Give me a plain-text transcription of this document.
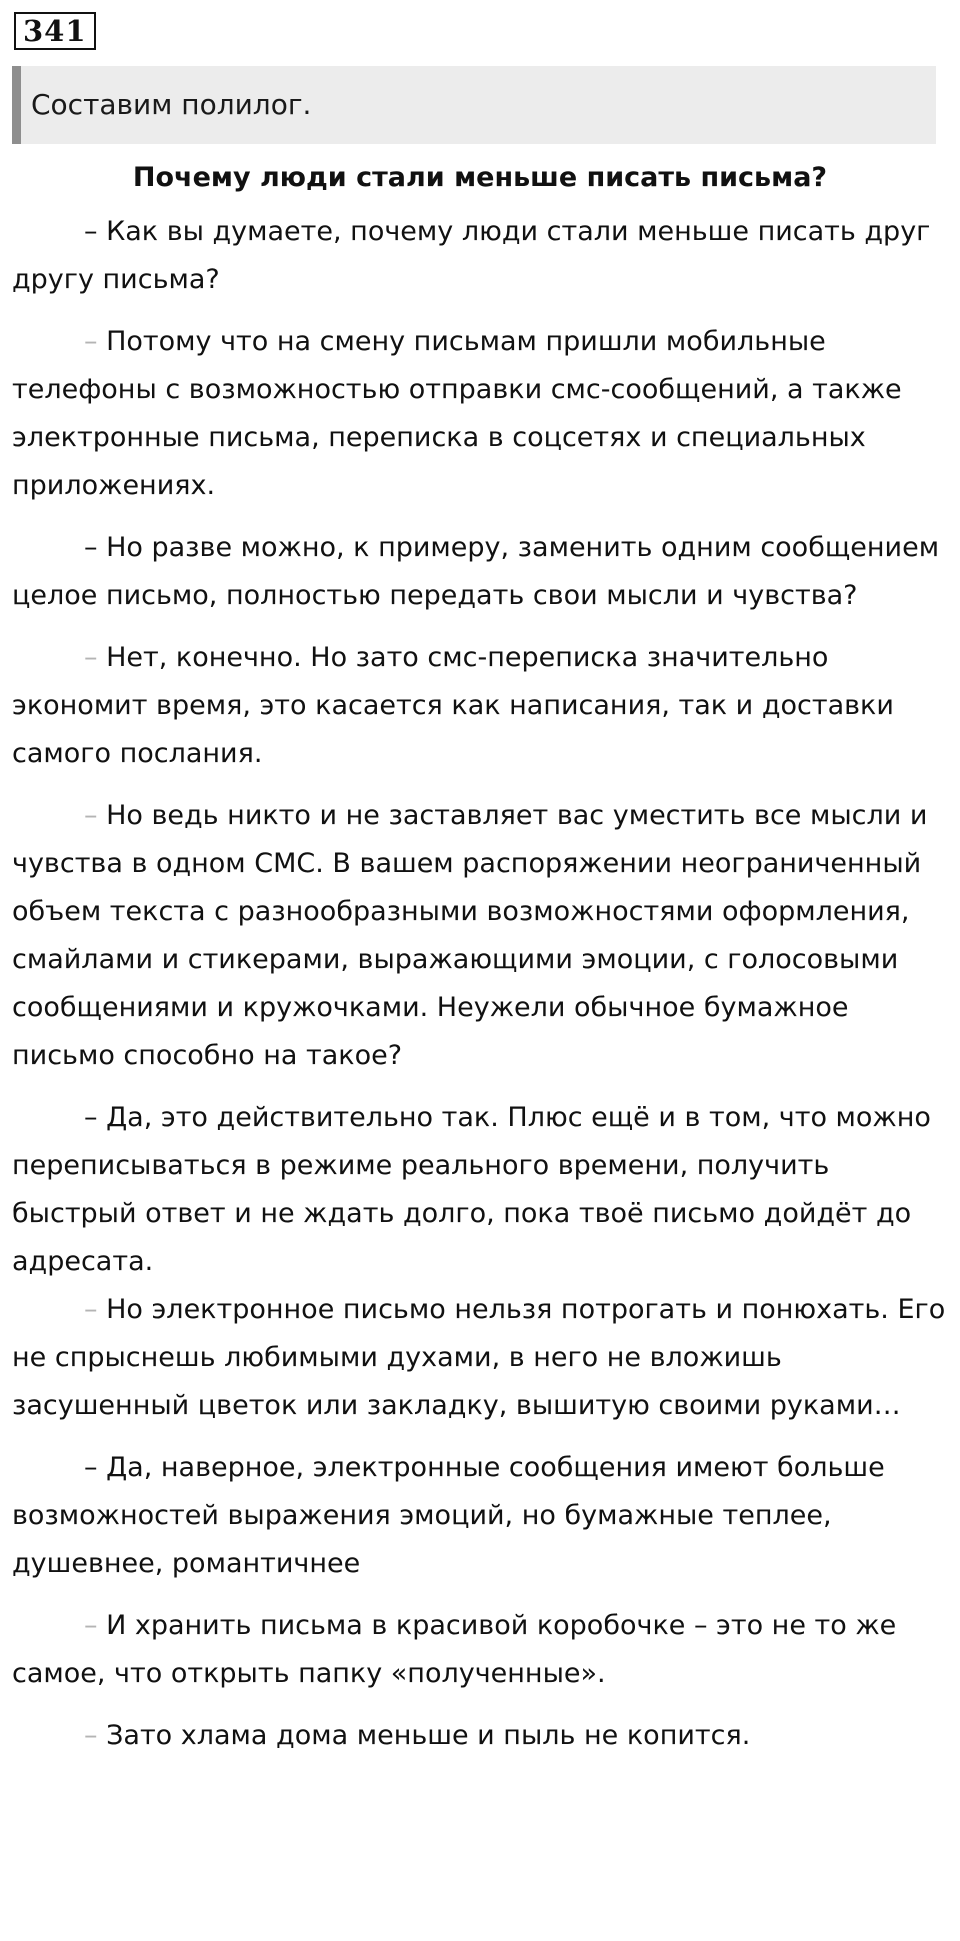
341
Составим полилог.

Почему люди стали меньше писать письма?

– Как вы думаете, почему люди стали меньше писать друг другу письма?

– Потому что на смену письмам пришли мобильные телефоны с возможностью отправки смс-сообщений, а также электронные письма, переписка в соцсетях и специальных приложениях.

– Но разве можно, к примеру, заменить одним сообщением целое письмо, полностью передать свои мысли и чувства?

– Нет, конечно. Но зато смс-переписка значительно экономит время, это касается как написания, так и доставки самого послания.

– Но ведь никто и не заставляет вас уместить все мысли и чувства в одном СМС. В вашем распоряжении неограниченный объем текста с разнообразными возможностями оформления, смайлами и стикерами, выражающими эмоции, с голосовыми сообщениями и кружочками. Неужели обычное бумажное письмо способно на такое?

– Да, это действительно так. Плюс ещё и в том, что можно переписываться в режиме реального времени, получить быстрый ответ и не ждать долго, пока твоё письмо дойдёт до адресата.

– Но электронное письмо нельзя потрогать и понюхать. Его не спрыснешь любимыми духами, в него не вложишь засушенный цветок или закладку, вышитую своими руками…

– Да, наверное, электронные сообщения имеют больше возможностей выражения эмоций, но бумажные теплее, душевнее, романтичнее

– И хранить письма в красивой коробочке – это не то же самое, что открыть папку «полученные».

– Зато хлама дома меньше и пыль не копится.
